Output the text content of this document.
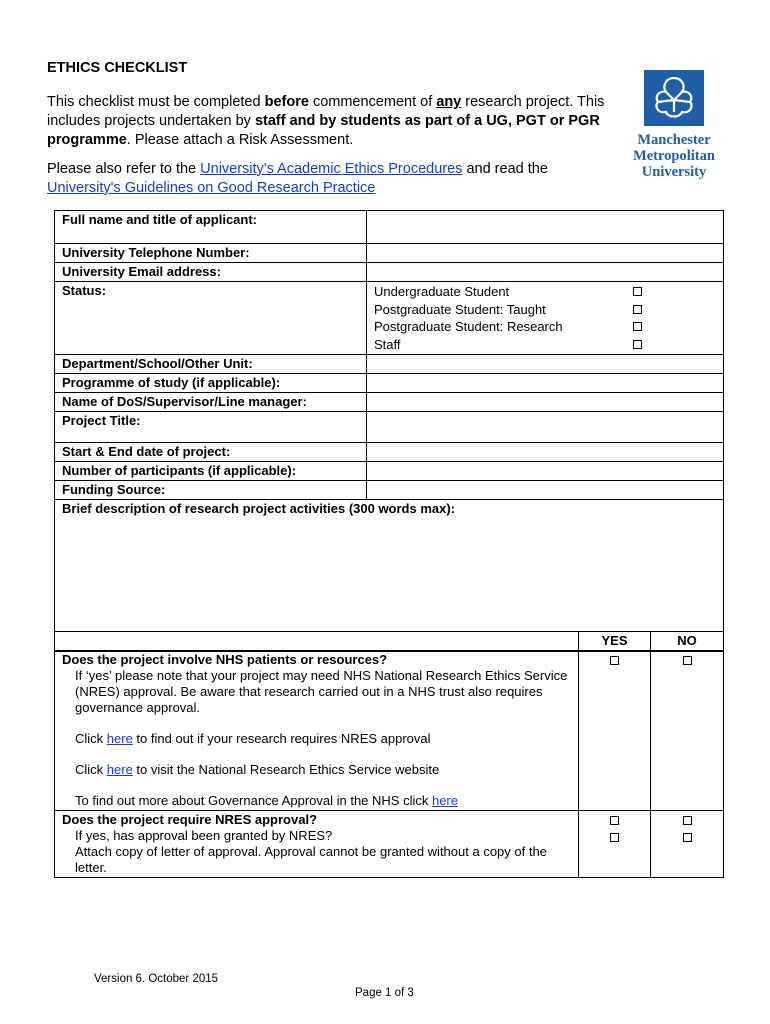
ETHICS CHECKLIST
This checklist must be completed before commencement of any research project. This includes projects undertaken by staff and by students as part of a UG, PGT or PGR programme. Please attach a Risk Assessment.
Please also refer to the University's Academic Ethics Procedures and read the University's Guidelines on Good Research Practice
Manchester
Metropolitan
University
Full name and title of applicant:	
University Telephone Number:	
University Email address:	
Status:	Undergraduate Student
Postgraduate Student: Taught
Postgraduate Student: Research
Staff

Department/School/Other Unit:	
Programme of study (if applicable):	
Name of DoS/Supervisor/Line manager:	
Project Title:	
Start & End date of project:	
Number of participants (if applicable):	
Funding Source:	
Brief description of research project activities (300 words max):	
	YES	NO

Does the project involve NHS patients or resources?
If ‘yes’ please note that your project may need NHS National Research Ethics Service (NRES) approval. Be aware that research carried out in a NHS trust also requires governance approval.
Click here to find out if your research requires NRES approval
Click here to visit the National Research Ethics Service website
To find out more about Governance Approval in the NHS click here		

Does the project require NRES approval?
If yes, has approval been granted by NRES?
Attach copy of letter of approval. Approval cannot be granted without a copy of the letter.		

Version 6. October 2015
Page 1 of 3
